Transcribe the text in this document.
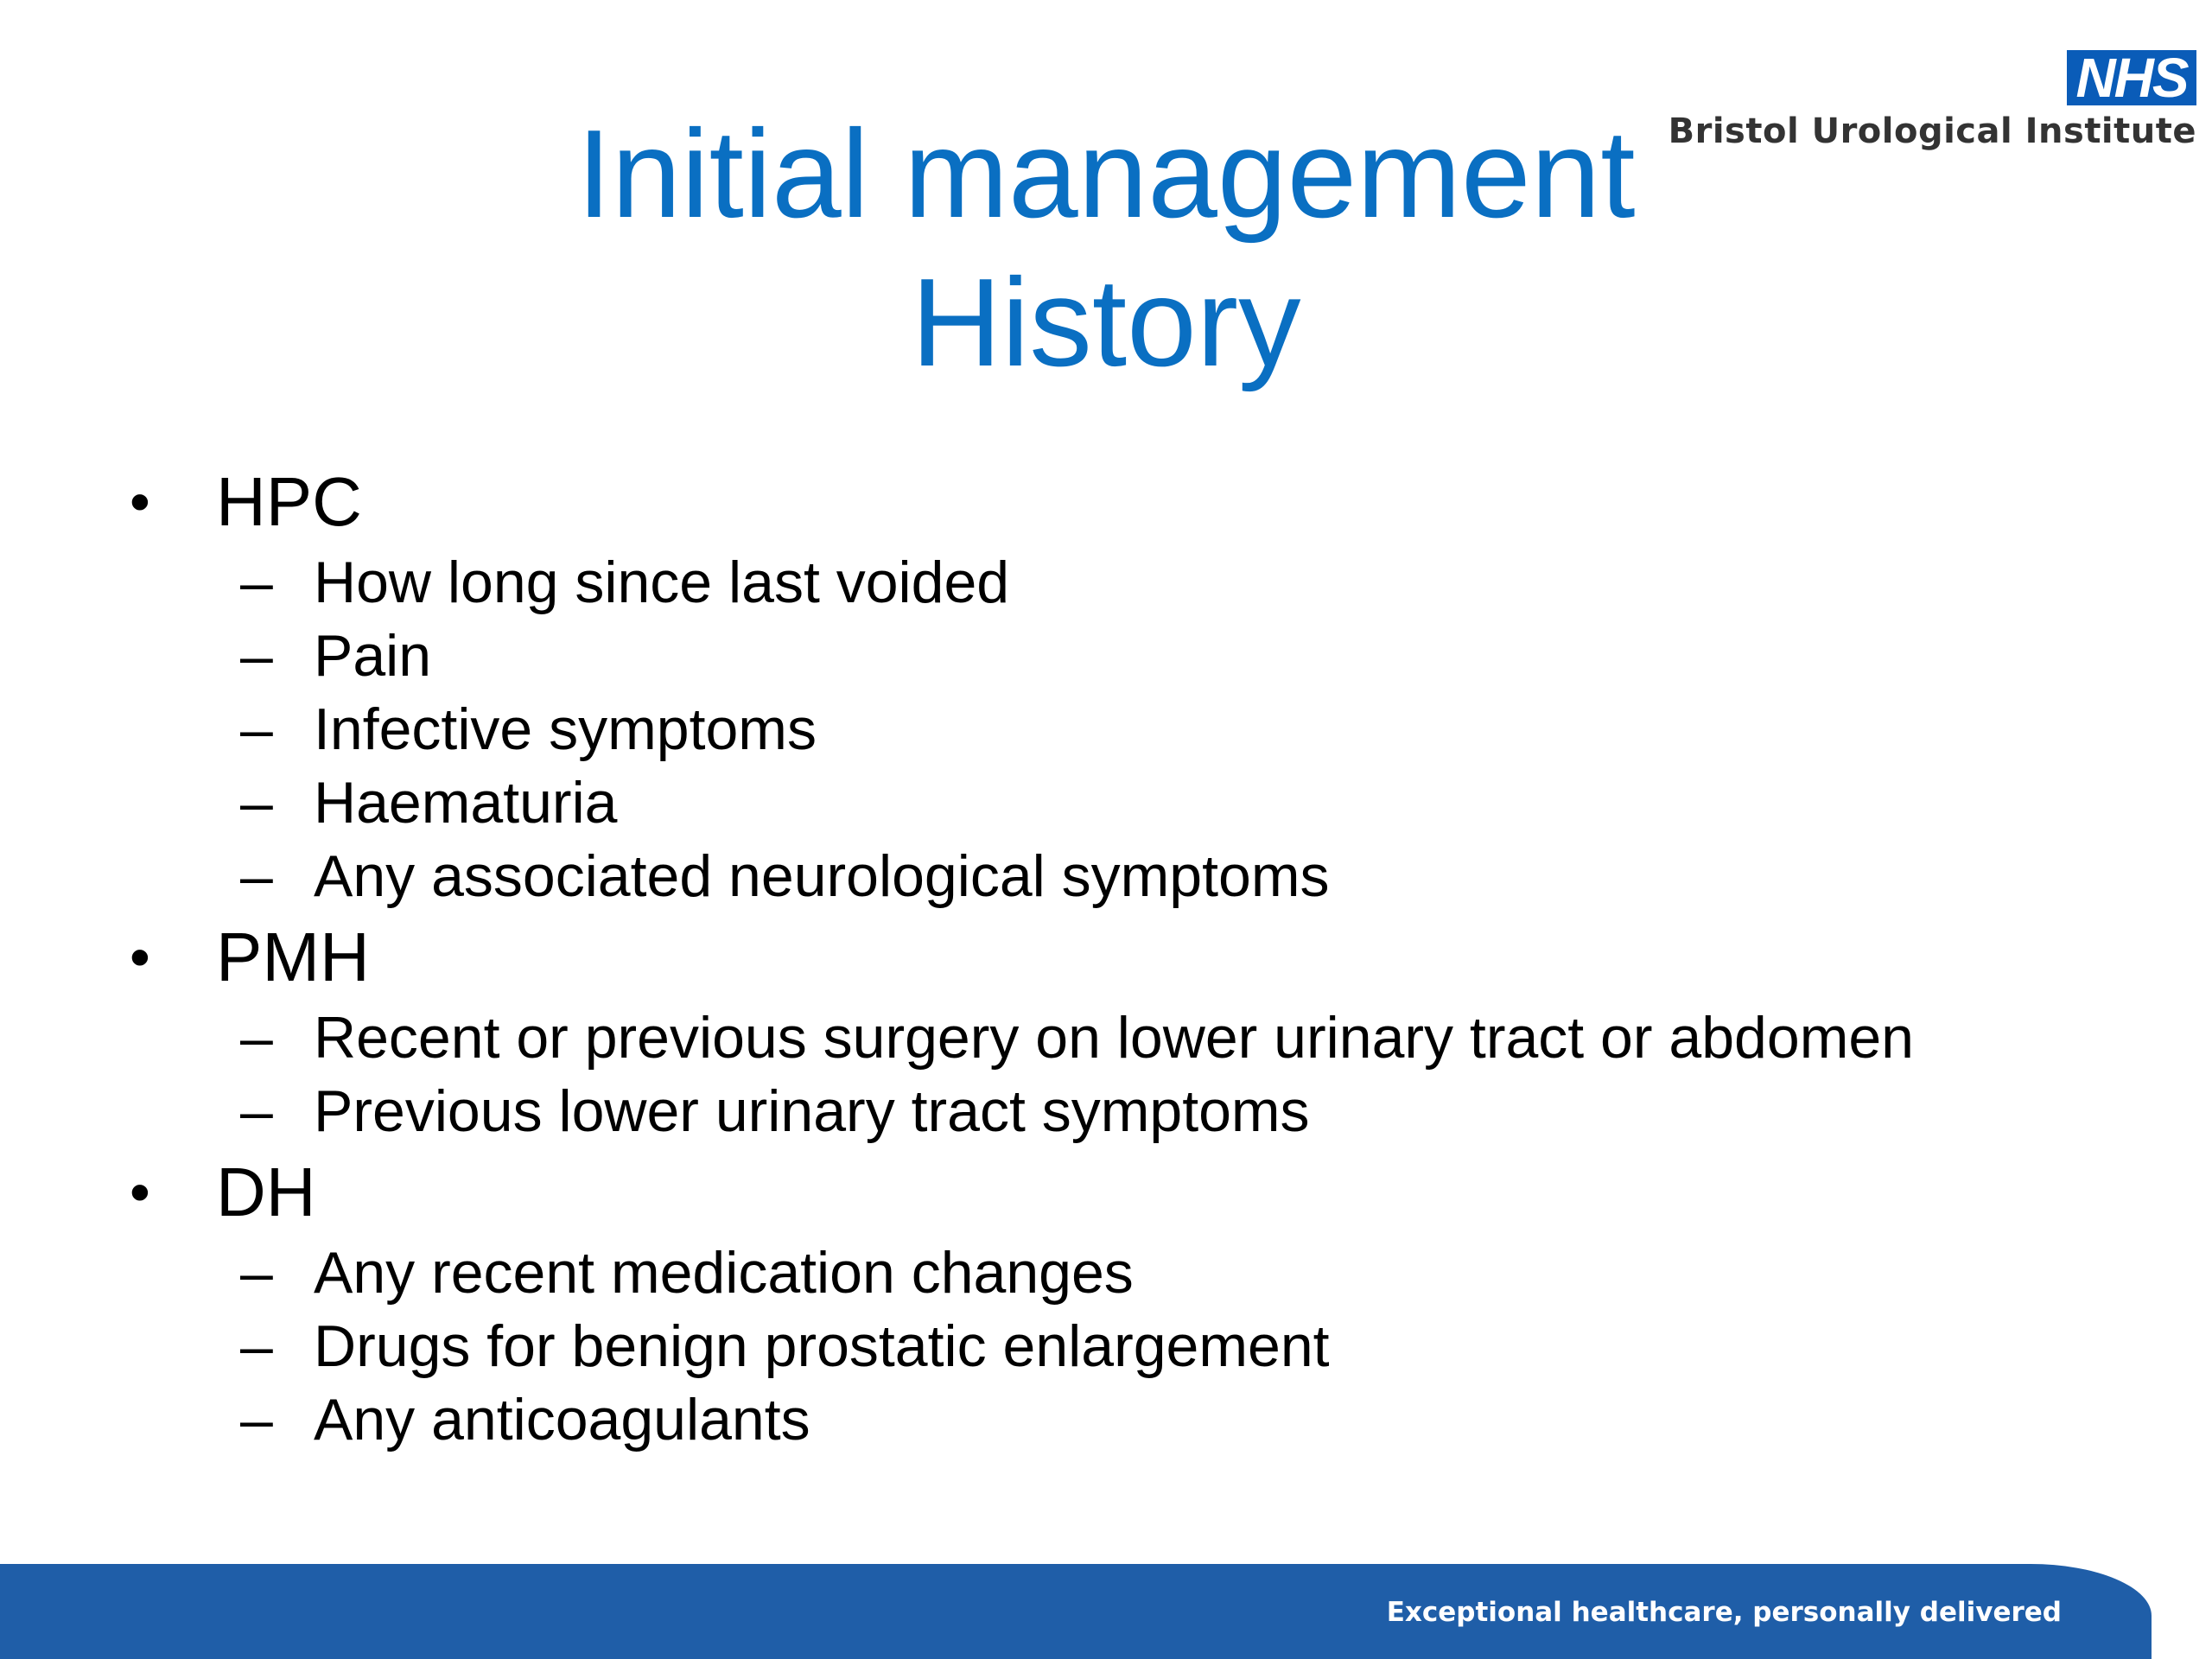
NHS
Bristol Urological Institute
Initial management
History
• HPC
– How long since last voided
– Pain
– Infective symptoms
– Haematuria
– Any associated neurological symptoms
• PMH
– Recent or previous surgery on lower urinary tract or abdomen
– Previous lower urinary tract symptoms
• DH
– Any recent medication changes
– Drugs for benign prostatic enlargement
– Any anticoagulants
Exceptional healthcare, personally delivered
